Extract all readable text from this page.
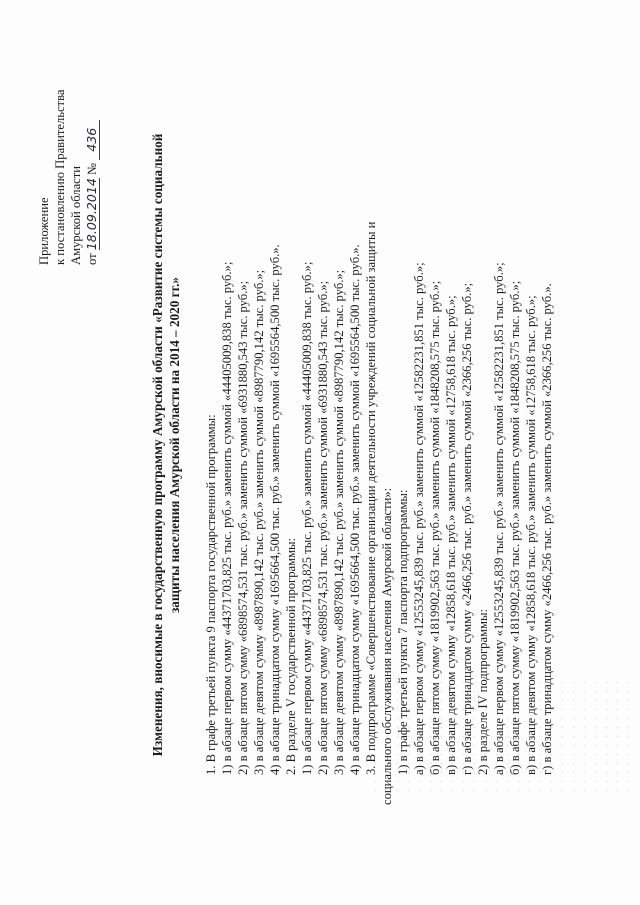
Приложение к постановлению Правительства Амурской области от 18.09.2014 № 436	Изменения, вносимые в государственную программу Амурской области «Развитие системы социальной защиты населения Амурской области на 2014 – 2020 гг.» 1. В графе третьей пункта 9 паспорта государственной программы: 1) в абзаце первом сумму «44371703,825 тыс. руб.» заменить суммой «44405009,838 тыс. руб.»; 2) в абзаце пятом сумму «6898574,531 тыс. руб.» заменить суммой «6931880,543 тыс. руб.»; 3) в абзаце девятом сумму «8987890,142 тыс. руб.» заменить суммой «8987790,142 тыс. руб.»; 4) в абзаце тринадцатом сумму «1695664,500 тыс. руб.» заменить суммой «1695564,500 тыс. руб.». 2. В разделе V государственной программы: 1) в абзаце первом сумму «44371703,825 тыс. руб.» заменить суммой «44405009,838 тыс. руб.»; 2) в абзаце пятом сумму «6898574,531 тыс. руб.» заменить суммой «6931880,543 тыс. руб.»; 3) в абзаце девятом сумму «8987890,142 тыс. руб.» заменить суммой «8987790,142 тыс. руб.»; 4) в абзаце тринадцатом сумму «1695664,500 тыс. руб.» заменить суммой «1695564,500 тыс. руб.». 3. В подпрограмме «Совершенствование организации деятельности учреждений социальной защиты и социального обслуживания населения Амурской области»: 1) в графе третьей пункта 7 паспорта подпрограммы: а) в абзаце первом сумму «12553245,839 тыс. руб.» заменить суммой «12582231,851 тыс. руб.»; б) в абзаце пятом сумму «1819902,563 тыс. руб.» заменить суммой «1848208,575 тыс. руб.»; в) в абзаце девятом сумму «12858,618 тыс. руб.» заменить суммой «12758,618 тыс. руб.»; г) в абзаце тринадцатом сумму «2466,256 тыс. руб.» заменить суммой «2366,256 тыс. руб.»; 2) в разделе IV подпрограммы: а) в абзаце первом сумму «12553245,839 тыс. руб.» заменить суммой «12582231,851 тыс. руб.»; б) в абзаце пятом сумму «1819902,563 тыс. руб.» заменить суммой «1848208,575 тыс. руб.»; в) в абзаце девятом сумму «12858,618 тыс. руб.» заменить суммой «12758,618 тыс. руб.»; г) в абзаце тринадцатом сумму «2466,256 тыс. руб.» заменить суммой «2366,256 тыс. руб.».
